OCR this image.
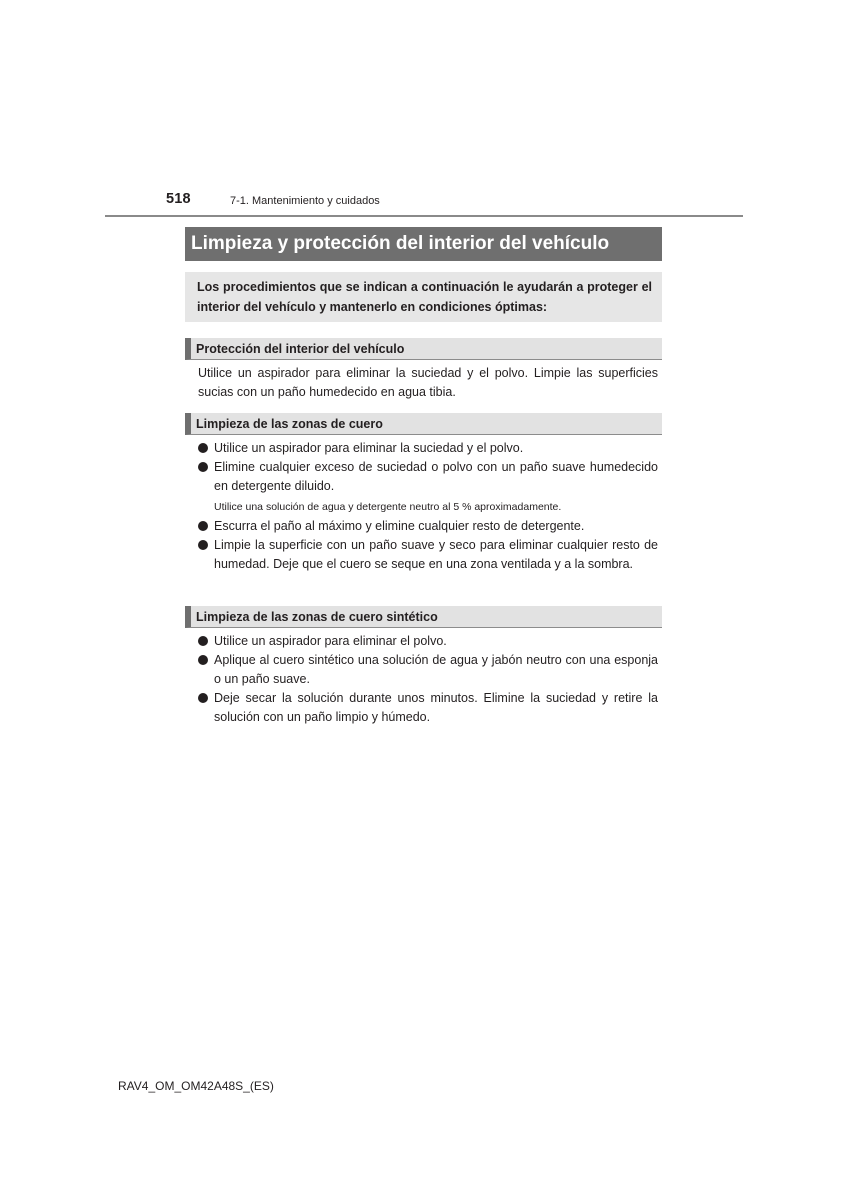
518	7-1. Mantenimiento y cuidados
Limpieza y protección del interior del vehículo
Los procedimientos que se indican a continuación le ayudarán a proteger el interior del vehículo y mantenerlo en condiciones óptimas:
Protección del interior del vehículo
Utilice un aspirador para eliminar la suciedad y el polvo. Limpie las superficies sucias con un paño humedecido en agua tibia.
Limpieza de las zonas de cuero
Utilice un aspirador para eliminar la suciedad y el polvo.
Elimine cualquier exceso de suciedad o polvo con un paño suave humedecido en detergente diluido.
Utilice una solución de agua y detergente neutro al 5 % aproximadamente.
Escurra el paño al máximo y elimine cualquier resto de detergente.
Limpie la superficie con un paño suave y seco para eliminar cualquier resto de humedad. Deje que el cuero se seque en una zona ventilada y a la sombra.
Limpieza de las zonas de cuero sintético
Utilice un aspirador para eliminar el polvo.
Aplique al cuero sintético una solución de agua y jabón neutro con una esponja o un paño suave.
Deje secar la solución durante unos minutos. Elimine la suciedad y retire la solución con un paño limpio y húmedo.
RAV4_OM_OM42A48S_(ES)
